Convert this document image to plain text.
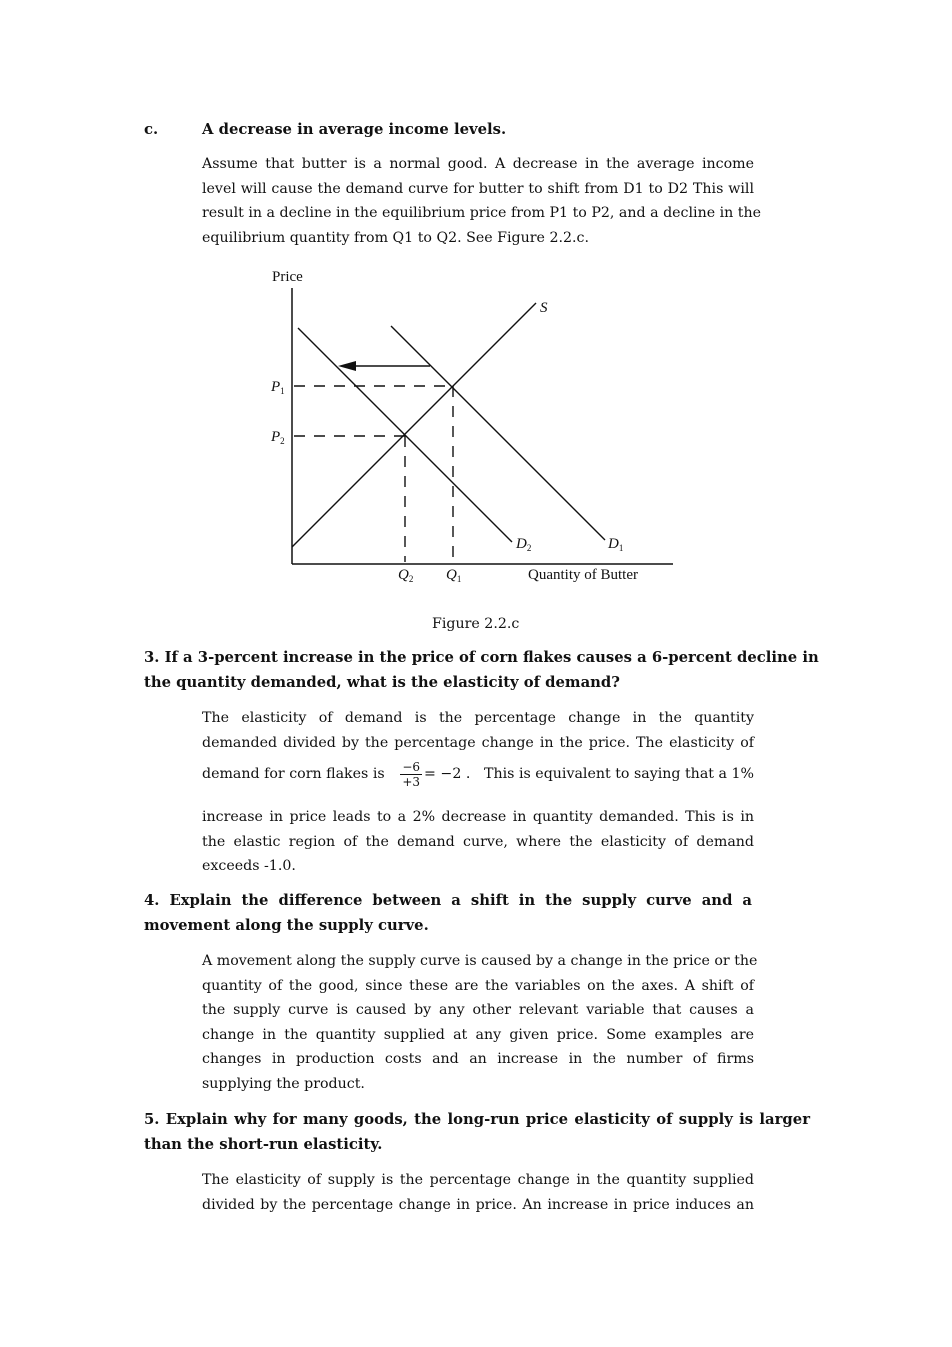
c.	A decrease in average income levels.
Assume that butter is a normal good. A decrease in the average income
level will cause the demand curve for butter to shift from D1 to D2 This will
result in a decline in the equilibrium price from P1 to P2, and a decline in the
equilibrium quantity from Q1 to Q2. See Figure 2.2.c.
Price
Quantity of Butter
S
$D_1$
$D_2$
$P_1$
$P_2$
$Q_2$ $Q_1$
Figure 2.2.c
3. If a 3-percent increase in the price of corn flakes causes a 6-percent decline in
the quantity demanded, what is the elasticity of demand?
The elasticity of demand is the percentage change in the quantity
demanded divided by the percentage change in the price. The elasticity of
demand for corn flakes is $\frac{-6}{+3} = -2$ . This is equivalent to saying that a 1%
increase in price leads to a 2% decrease in quantity demanded. This is in
the elastic region of the demand curve, where the elasticity of demand
exceeds -1.0.
4. Explain the difference between a shift in the supply curve and a
movement along the supply curve.
A movement along the supply curve is caused by a change in the price or the
quantity of the good, since these are the variables on the axes. A shift of
the supply curve is caused by any other relevant variable that causes a
change in the quantity supplied at any given price. Some examples are
changes in production costs and an increase in the number of firms
supplying the product.
5. Explain why for many goods, the long-run price elasticity of supply is larger
than the short-run elasticity.
The elasticity of supply is the percentage change in the quantity supplied
divided by the percentage change in price. An increase in price induces an
